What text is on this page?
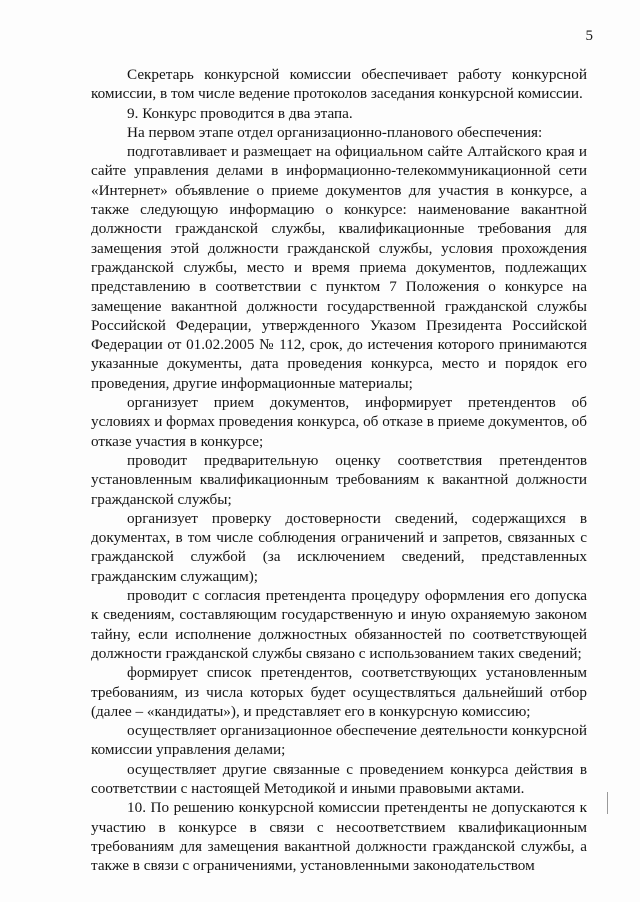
5

Секретарь конкурсной комиссии обеспечивает работу конкурсной комиссии, в том числе ведение протоколов заседания конкурсной комиссии.

9. Конкурс проводится в два этапа.

На первом этапе отдел организационно-планового обеспечения:

подготавливает и размещает на официальном сайте Алтайского края и сайте управления делами в информационно-телекоммуникационной сети «Интернет» объявление о приеме документов для участия в конкурсе, а также следующую информацию о конкурсе: наименование вакантной должности гражданской службы, квалификационные требования для замещения этой должности гражданской службы, условия прохождения гражданской службы, место и время приема документов, подлежащих представлению в соответствии с пунктом 7 Положения о конкурсе на замещение вакантной должности государственной гражданской службы Российской Федерации, утвержденного Указом Президента Российской Федерации от 01.02.2005 № 112, срок, до истечения которого принимаются указанные документы, дата проведения конкурса, место и порядок его проведения, другие информационные материалы;

организует прием документов, информирует претендентов об условиях и формах проведения конкурса, об отказе в приеме документов, об отказе участия в конкурсе;

проводит предварительную оценку соответствия претендентов установленным квалификационным требованиям к вакантной должности гражданской службы;

организует проверку достоверности сведений, содержащихся в документах, в том числе соблюдения ограничений и запретов, связанных с гражданской службой (за исключением сведений, представленных гражданским служащим);

проводит с согласия претендента процедуру оформления его допуска к сведениям, составляющим государственную и иную охраняемую законом тайну, если исполнение должностных обязанностей по соответствующей должности гражданской службы связано с использованием таких сведений;

формирует список претендентов, соответствующих установленным требованиям, из числа которых будет осуществляться дальнейший отбор (далее – «кандидаты»), и представляет его в конкурсную комиссию;

осуществляет организационное обеспечение деятельности конкурсной комиссии управления делами;

осуществляет другие связанные с проведением конкурса действия в соответствии с настоящей Методикой и иными правовыми актами.

10. По решению конкурсной комиссии претенденты не допускаются к участию в конкурсе в связи с несоответствием квалификационным требованиям для замещения вакантной должности гражданской службы, а также в связи с ограничениями, установленными законодательством
